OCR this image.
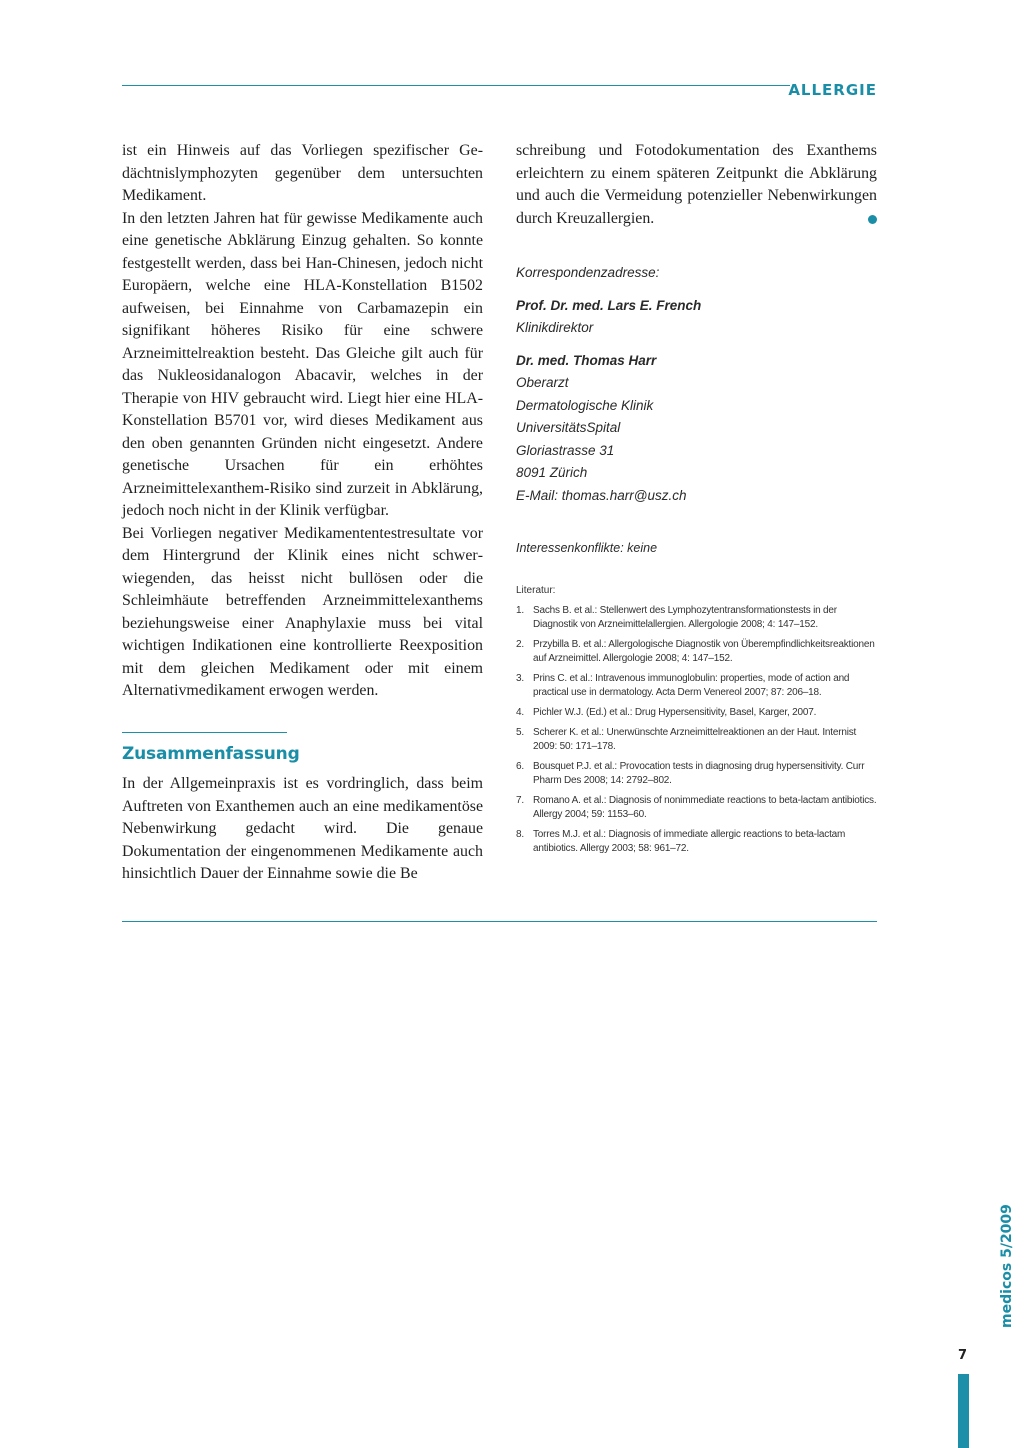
ALLERGIE

ist ein Hinweis auf das Vorliegen spezifischer Gedächtnislymphozyten gegenüber dem untersuchten Medikament.

In den letzten Jahren hat für gewisse Medikamente auch eine genetische Abklärung Einzug gehalten. So konnte festgestellt werden, dass bei Han-Chinesen, jedoch nicht Europäern, welche eine HLA-Konstellation B1502 aufweisen, bei Einnahme von Carbamazepin ein signifikant höheres Risiko für eine schwere Arzneimittelreaktion besteht. Das Gleiche gilt auch für das Nukleosidanalogon Abacavir, welches in der Therapie von HIV gebraucht wird. Liegt hier eine HLA-Konstellation B5701 vor, wird dieses Medikament aus den oben genannten Gründen nicht eingesetzt. Andere genetische Ursachen für ein erhöhtes Arzneimittelexanthem-Risiko sind zurzeit in Abklärung, jedoch noch nicht in der Klinik verfügbar.

Bei Vorliegen negativer Medikamententestresultate vor dem Hintergrund der Klinik eines nicht schwerwiegenden, das heisst nicht bullösen oder die Schleimhäute betreffenden Arzneimmittelexanthems beziehungsweise einer Anaphylaxie muss bei vital wichtigen Indikationen eine kontrollierte Reexposition mit dem gleichen Medikament oder mit einem Alternativmedikament erwogen werden.

Zusammenfassung

In der Allgemeinpraxis ist es vordringlich, dass beim Auftreten von Exanthemen auch an eine medikamentöse Nebenwirkung gedacht wird. Die genaue Dokumentation der eingenommenen Medikamente auch hinsichtlich Dauer der Einnahme sowie die Be

schreibung und Fotodokumentation des Exanthems erleichtern zu einem späteren Zeitpunkt die Abklärung und auch die Vermeidung potenzieller Nebenwirkungen durch Kreuzallergien.
Korrespondenzadresse:
Prof. Dr. med. Lars E. French
Klinikdirektor
Dr. med. Thomas Harr
Oberarzt
Dermatologische Klinik
UniversitätsSpital
Gloriastrasse 31
8091 Zürich
E-Mail: thomas.harr@usz.ch
Interessenkonflikte: keine
Literatur:
1. Sachs B. et al.: Stellenwert des Lymphozytentransformationstests in der Diagnostik von Arzneimittelallergien. Allergologie 2008; 4: 147–152.
2. Przybilla B. et al.: Allergologische Diagnostik von Überempfindlichkeitsreaktionen auf Arzneimittel. Allergologie 2008; 4: 147–152.
3. Prins C. et al.: Intravenous immunoglobulin: properties, mode of action and practical use in dermatology. Acta Derm Venereol 2007; 87: 206–18.
4. Pichler W.J. (Ed.) et al.: Drug Hypersensitivity, Basel, Karger, 2007.
5. Scherer K. et al.: Unerwünschte Arzneimittelreaktionen an der Haut. Internist 2009: 50: 171–178.
6. Bousquet P.J. et al.: Provocation tests in diagnosing drug hypersensitivity. Curr Pharm Des 2008; 14: 2792–802.
7. Romano A. et al.: Diagnosis of nonimmediate reactions to beta-lactam antibiotics. Allergy 2004; 59: 1153–60.
8. Torres M.J. et al.: Diagnosis of immediate allergic reactions to beta-lactam antibiotics. Allergy 2003; 58: 961–72.
medicos 5/2009
7
